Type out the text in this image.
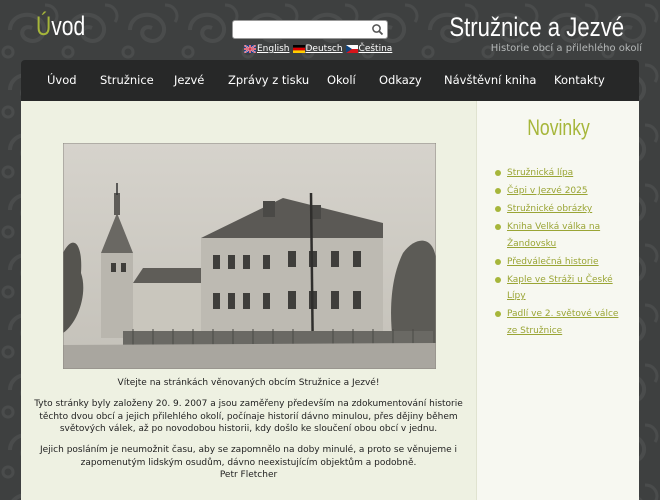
Úvod
English Deutsch Čeština
Stružnice a Jezvé
Historie obcí a přilehlého okolí
Úvod Stružnice Jezvé Zprávy z tisku Okolí Odkazy Návštěvní kniha Kontakty
Vítejte na stránkách věnovaných obcím Stružnice a Jezvé!
Tyto stránky byly založeny 20. 9. 2007 a jsou zaměřeny především na zdokumentování historie těchto dvou obcí a jejich přilehlého okolí, počínaje historií dávno minulou, přes dějiny během světových válek, až po novodobou historii, kdy došlo ke sloučení obou obcí v jednu.
Jejich posláním je neumožnit času, aby se zapomnělo na doby minulé, a proto se věnujeme i zapomenutým lidským osudům, dávno neexistujícím objektům a podobně.
Petr Fletcher
Novinky
Stružnická lípa
Čápi v Jezvé 2025
Stružnické obrázky
Kniha Velká válka na Žandovsku
Předválečná historie
Kaple ve Stráži u České Lípy
Padlí ve 2. světové válce ze Stružnice
